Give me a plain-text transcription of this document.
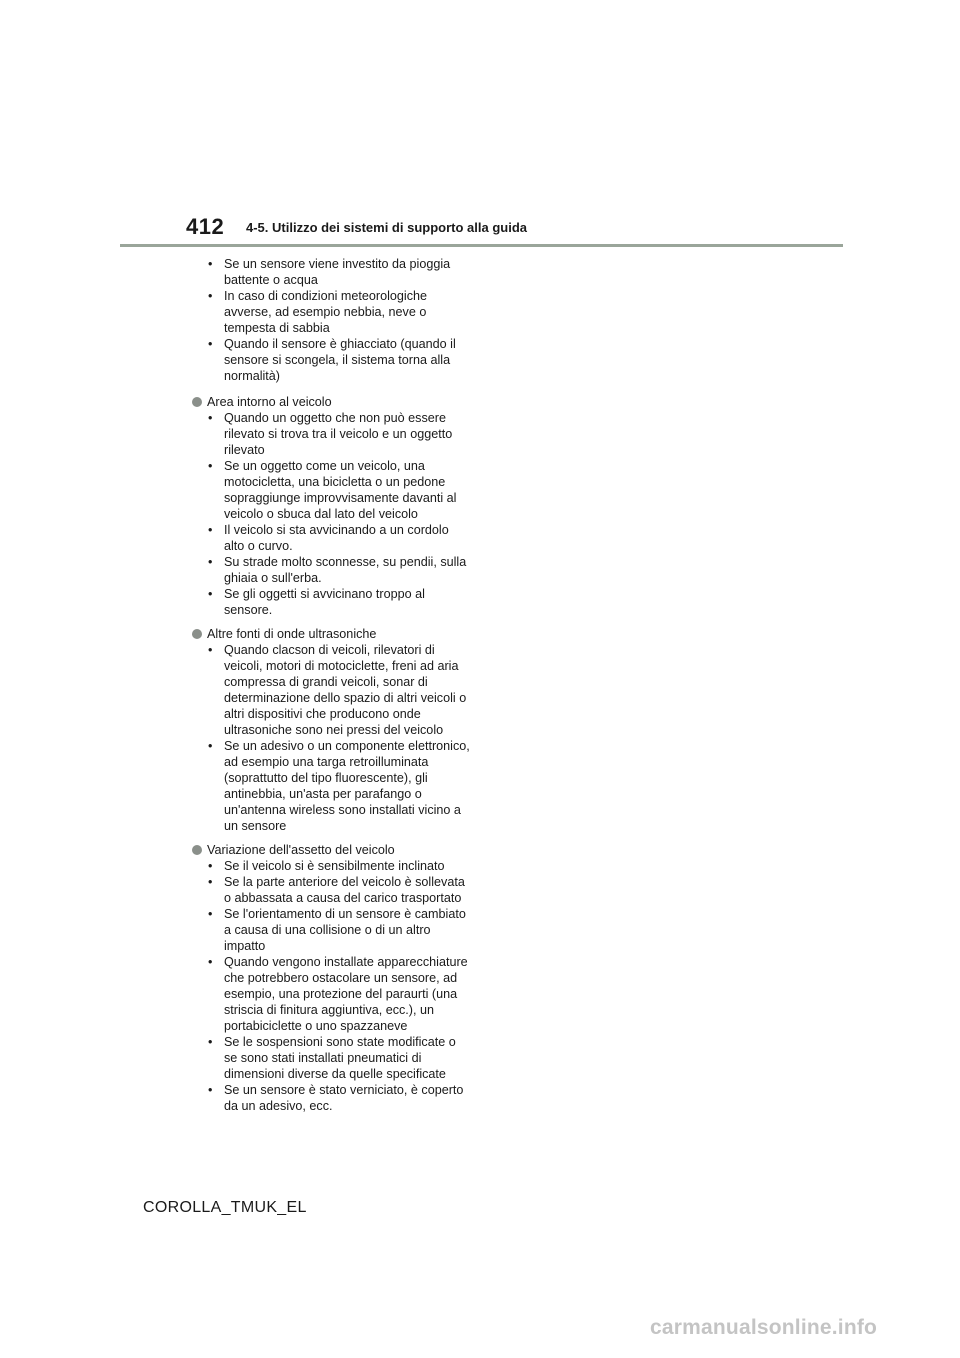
412 4-5. Utilizzo dei sistemi di supporto alla guida
• Se un sensore viene investito da pioggia battente o acqua
• In caso di condizioni meteorologiche avverse, ad esempio nebbia, neve o tempesta di sabbia
• Quando il sensore è ghiacciato (quando il sensore si scongela, il sistema torna alla normalità)
Area intorno al veicolo
• Quando un oggetto che non può essere rilevato si trova tra il veicolo e un oggetto rilevato
• Se un oggetto come un veicolo, una motocicletta, una bicicletta o un pedone sopraggiunge improvvisamente davanti al veicolo o sbuca dal lato del veicolo
• Il veicolo si sta avvicinando a un cordolo alto o curvo.
• Su strade molto sconnesse, su pendii, sulla ghiaia o sull'erba.
• Se gli oggetti si avvicinano troppo al sensore.
Altre fonti di onde ultrasoniche
• Quando clacson di veicoli, rilevatori di veicoli, motori di motociclette, freni ad aria compressa di grandi veicoli, sonar di determinazione dello spazio di altri veicoli o altri dispositivi che producono onde ultrasoniche sono nei pressi del veicolo
• Se un adesivo o un componente elettronico, ad esempio una targa retroilluminata (soprattutto del tipo fluorescente), gli antinebbia, un'asta per parafango o un'antenna wireless sono installati vicino a un sensore
Variazione dell'assetto del veicolo
• Se il veicolo si è sensibilmente inclinato
• Se la parte anteriore del veicolo è sollevata o abbassata a causa del carico trasportato
• Se l'orientamento di un sensore è cambiato a causa di una collisione o di un altro impatto
• Quando vengono installate apparecchiature che potrebbero ostacolare un sensore, ad esempio, una protezione del paraurti (una striscia di finitura aggiuntiva, ecc.), un portabiciclette o uno spazzaneve
• Se le sospensioni sono state modificate o se sono stati installati pneumatici di dimensioni diverse da quelle specificate
• Se un sensore è stato verniciato, è coperto da un adesivo, ecc.
COROLLA_TMUK_EL
carmanualsonline.info
